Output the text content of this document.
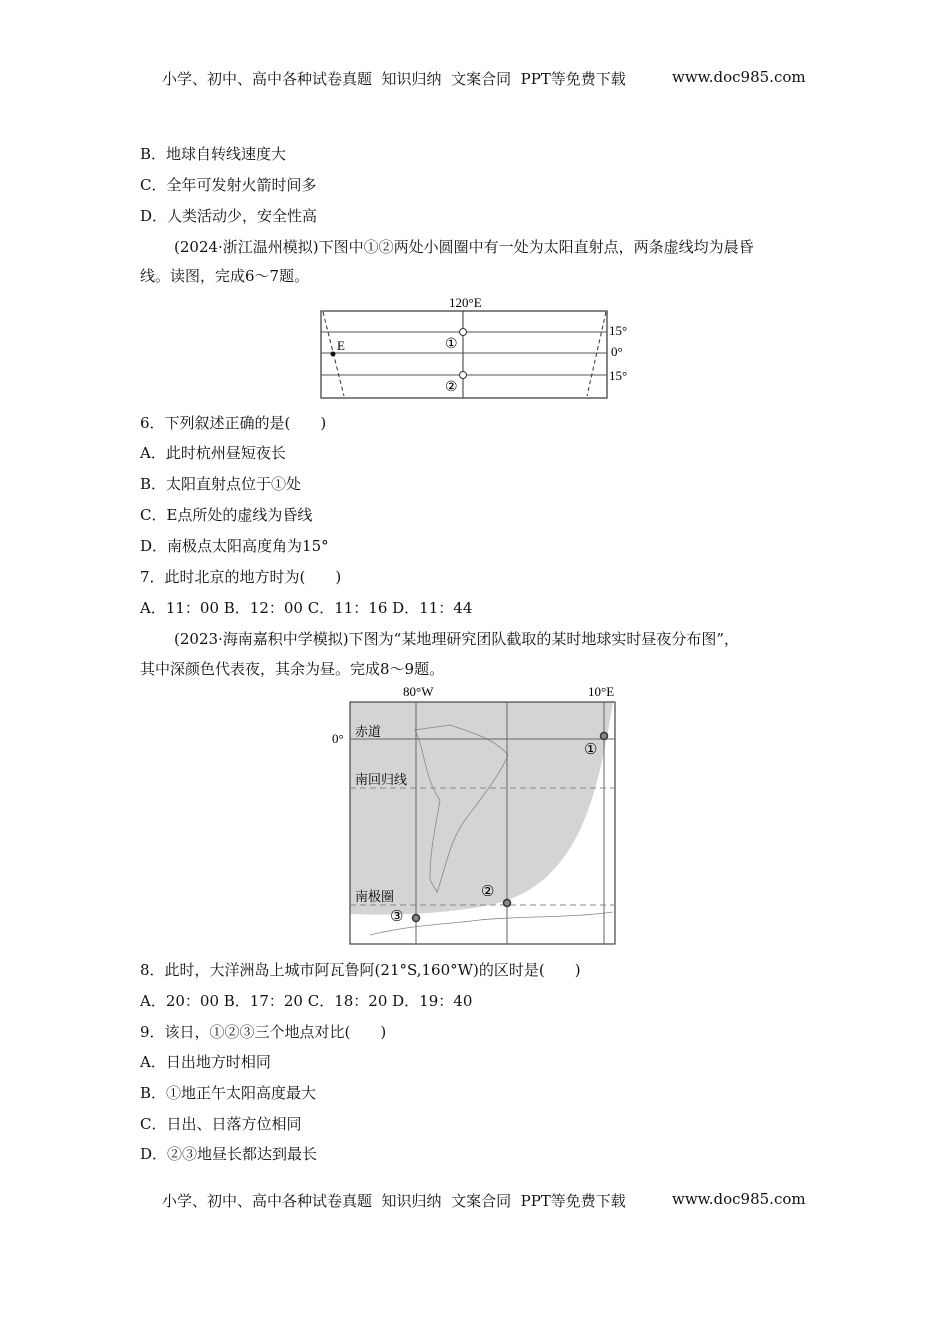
小学、初中、高中各种试卷真题  知识归纳  文案合同  PPT等免费下载	www.doc985.com
B．地球自转线速度大
C．全年可发射火箭时间多
D．人类活动少，安全性高
(2024·浙江温州模拟)下图中①②两处小圆圈中有一处为太阳直射点，两条虚线均为晨昏
线。读图，完成6～7题。
120°E
E	①
②
15°
0°
15°
6．下列叙述正确的是(　　)
A．此时杭州昼短夜长
B．太阳直射点位于①处
C．E点所处的虚线为昏线
D．南极点太阳高度角为15°
7．此时北京的地方时为(　　)
A．11：00 B．12：00 C．11：16 D．11：44
(2023·海南嘉积中学模拟)下图为“某地理研究团队截取的某时地球实时昼夜分布图”，
其中深颜色代表夜，其余为昼。完成8～9题。
80°W	10°E
0° 赤道
南回归线
南极圈
①
②
③
8．此时，大洋洲岛上城市阿瓦鲁阿(21°S,160°W)的区时是(　　)
A．20：00 B．17：20 C．18：20 D．19：40
9．该日，①②③三个地点对比(　　)
A．日出地方时相同
B．①地正午太阳高度最大
C．日出、日落方位相同
D．②③地昼长都达到最长
小学、初中、高中各种试卷真题  知识归纳  文案合同  PPT等免费下载	www.doc985.com
